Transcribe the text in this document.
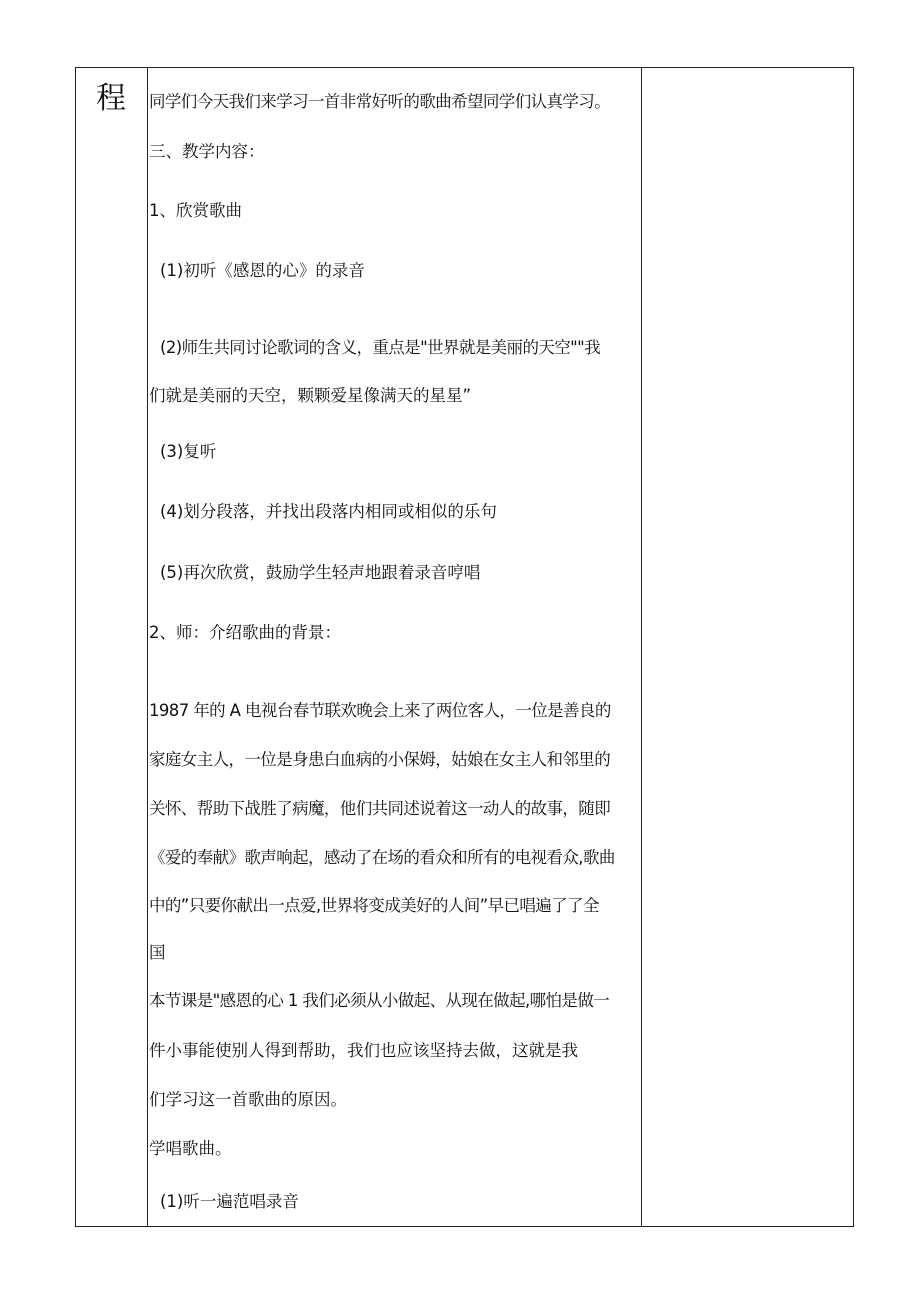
程 同学们今天我们来学习一首非常好听的歌曲希望同学们认真学习。
三、教学内容：
1、欣赏歌曲
(1)初听《感恩的心》的录音
(2)师生共同讨论歌词的含义，重点是"世界就是美丽的天空""我
们就是美丽的天空，颗颗爱星像满天的星星”
(3)复听
(4)划分段落，并找出段落内相同或相似的乐句
(5)再次欣赏，鼓励学生轻声地跟着录音哼唱
2、师：介绍歌曲的背景：
1987 年的 A 电视台春节联欢晚会上来了两位客人，一位是善良的
家庭女主人，一位是身患白血病的小保姆，姑娘在女主人和邻里的
关怀、帮助下战胜了病魔，他们共同述说着这一动人的故事，随即
《爱的奉献》歌声响起，感动了在场的看众和所有的电视看众,歌曲
中的”只要你献出一点爱,世界将变成美好的人间”早已唱遍了了全
国
本节课是"感恩的心 1 我们必须从小做起、从现在做起,哪怕是做一
件小事能使别人得到帮助，我们也应该坚持去做，这就是我
们学习这一首歌曲的原因。
学唱歌曲。
(1)听一遍范唱录音
